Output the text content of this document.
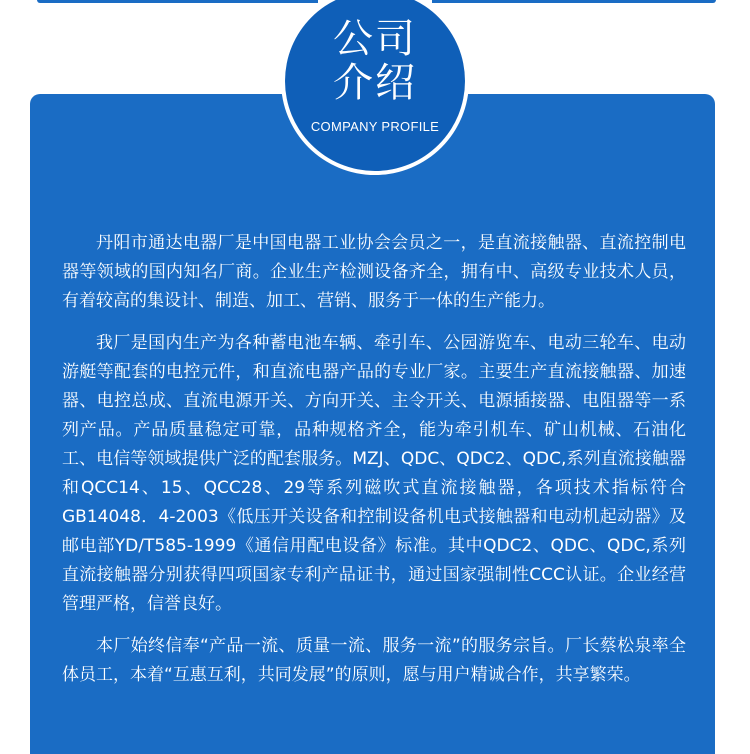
丹阳市通达电器厂是中国电器工业协会会员之一，是直流接触器、直流控制电器等领域的国内知名厂商。企业生产检测设备齐全，拥有中、高级专业技术人员，有着较高的集设计、制造、加工、营销、服务于一体的生产能力。

我厂是国内生产为各种蓄电池车辆、牵引车、公园游览车、电动三轮车、电动游艇等配套的电控元件，和直流电器产品的专业厂家。主要生产直流接触器、加速器、电控总成、直流电源开关、方向开关、主令开关、电源插接器、电阻器等一系列产品。产品质量稳定可靠，品种规格齐全，能为牵引机车、矿山机械、石油化工、电信等领域提供广泛的配套服务。MZJ、QDC、QDC2、QDC,系列直流接触器和QCC14、15、QCC28、29等系列磁吹式直流接触器，各项技术指标符合GB14048．4-2003《低压开关设备和控制设备机电式接触器和电动机起动器》及邮电部YD/T585-1999《通信用配电设备》标准。其中QDC2、QDC、QDC,系列直流接触器分别获得四项国家专利产品证书，通过国家强制性CCC认证。企业经营管理严格，信誉良好。

本厂始终信奉“产品一流、质量一流、服务一流”的服务宗旨。厂长蔡松泉率全体员工，本着“互惠互利，共同发展”的原则，愿与用户精诚合作，共享繁荣。

公司
介绍
COMPANY PROFILE
